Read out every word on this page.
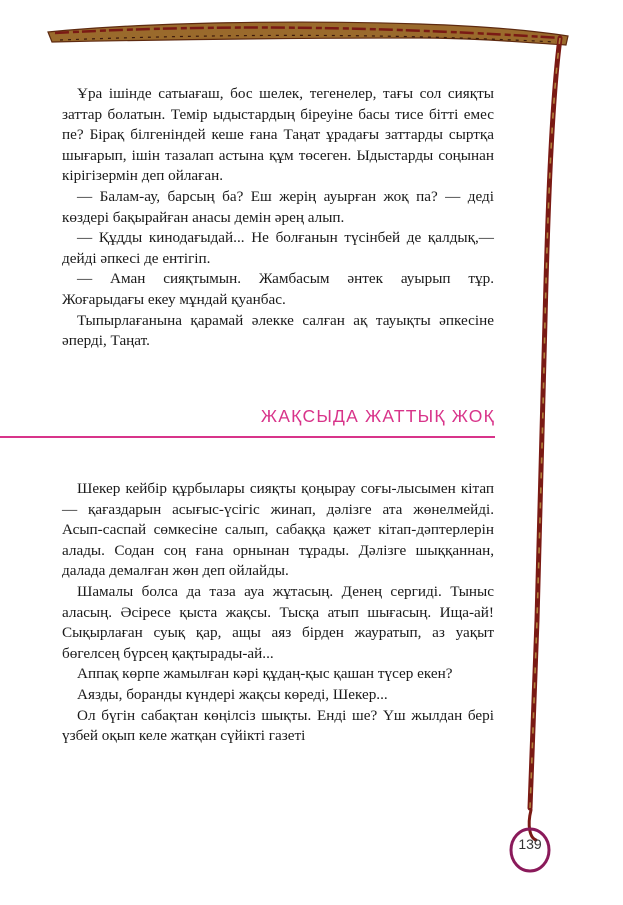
Ұра ішінде сатыағаш, бос шелек, тегенелер, тағы сол сияқты заттар болатын. Темір ыдыстардың біреуіне басы тисе бітті емес пе? Бірақ білгеніндей кеше ғана Таңат ұрадағы заттарды сыртқа шығарып, ішін тазалап астына құм төсеген. Ыдыстарды соңынан кірігізермін деп ойлаған.

— Балам-ау, барсың ба? Еш жерің ауырған жоқ па? — деді көздері бақырайған анасы демін әрең алып.

— Құдды кинодағыдай... Не болғанын түсінбей де қалдық,— дейді әпкесі де ентігіп.

— Аман сияқтымын. Жамбасым әнтек ауырып тұр. Жоғарыдағы екеу мұндай қуанбас.

Тыпырлағанына қарамай әлекке салған ақ тауықты әпкесіне әперді, Таңат.

ЖАҚСЫДА ЖАТТЫҚ ЖОҚ

Шекер кейбір құрбылары сияқты қоңырау соғы-лысымен кітап— қағаздарын асығыс-үсігіс жинап, дәлізге ата жөнелмейді. Асып-саспай сөмкесіне салып, сабаққа қажет кітап-дәптерлерін алады. Содан соң ғана орнынан тұрады. Дәлізге шыққаннан, далада демалған жөн деп ойлайды.

Шамалы болса да таза ауа жұтасың. Денең сергиді. Тыныс аласың. Әсіресе қыста жақсы. Тысқа атып шығасың. Ища-ай! Сықырлаған суық қар, ащы аяз бірден жауратып, аз уақыт бөгелсең бүрсең қақтырады-ай...

Аппақ көрпе жамылған кәрі құдаң-қыс қашан түсер екен?

Аязды, боранды күндері жақсы көреді, Шекер...

Ол бүгін сабақтан көңілсіз шықты. Енді ше? Үш жылдан бері үзбей оқып келе жатқан сүйікті газеті

139
